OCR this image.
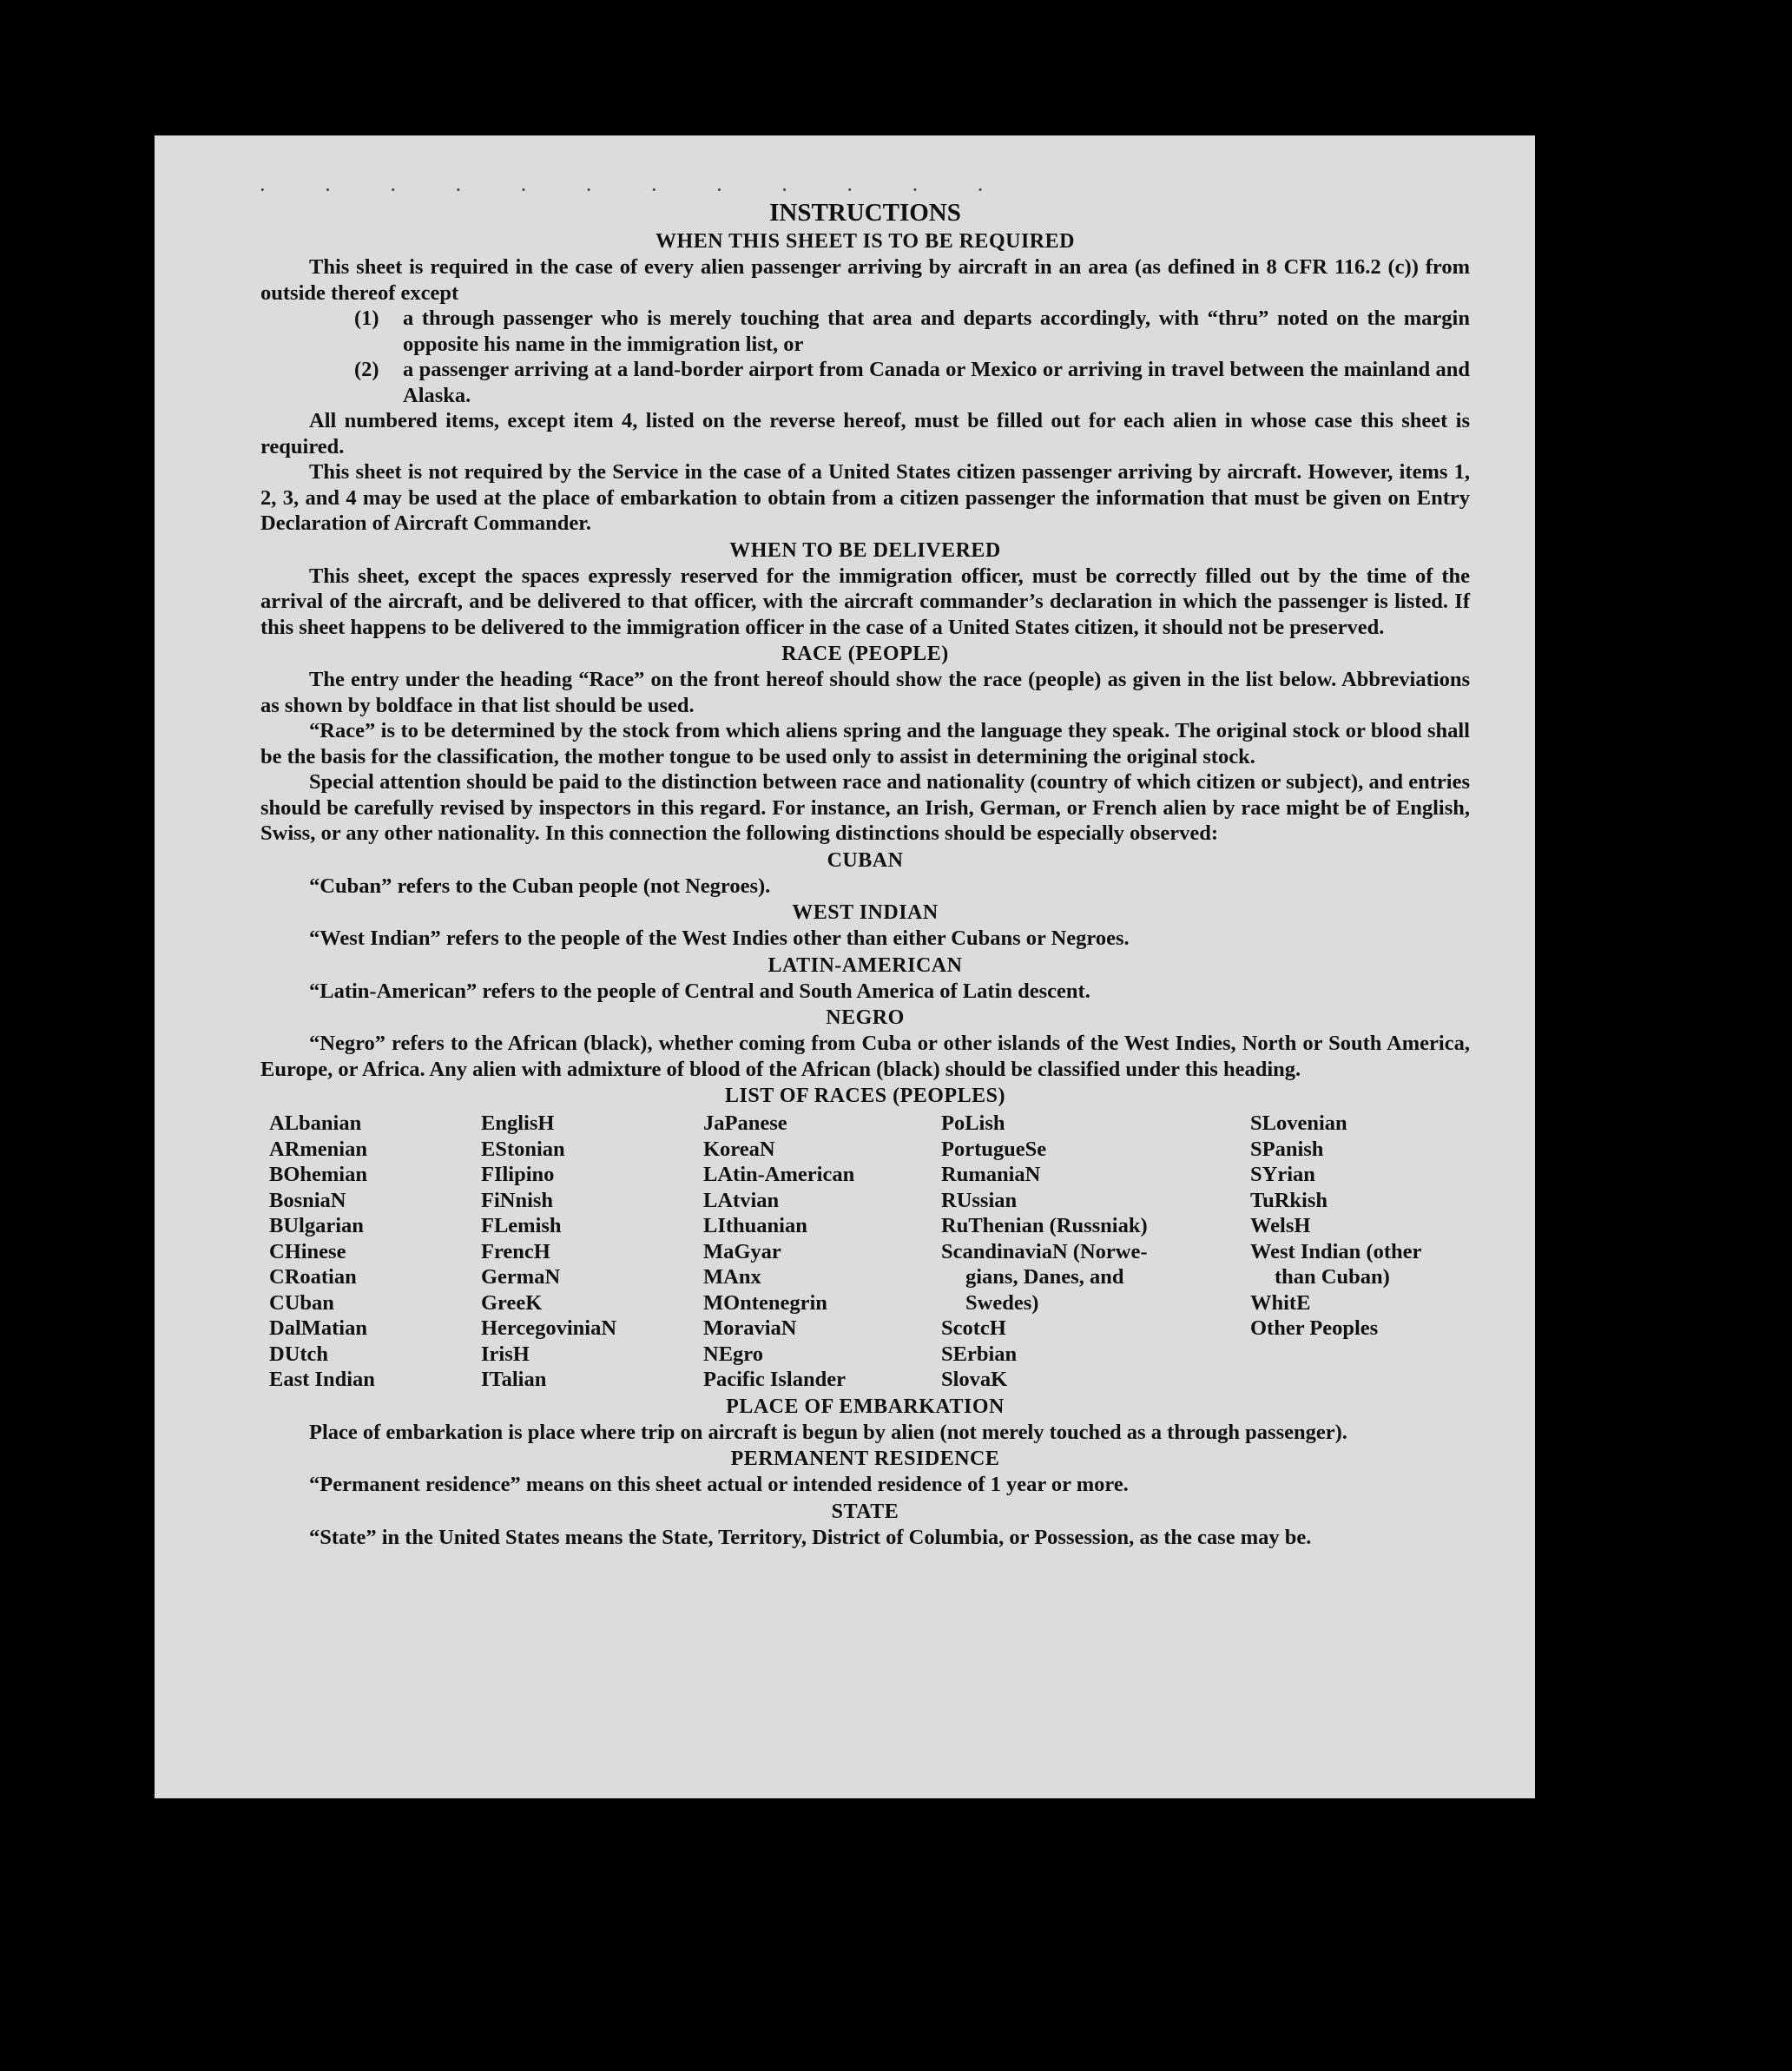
· · · · · · · · · · · ·
INSTRUCTIONS

WHEN THIS SHEET IS TO BE REQUIRED

This sheet is required in the case of every alien passenger arriving by aircraft in an area (as defined in 8 CFR 116.2 (c)) from outside thereof except

(1)	a through passenger who is merely touching that area and departs accordingly, with “thru” noted on the margin opposite his name in the immigration list, or
(2)	a passenger arriving at a land-border airport from Canada or Mexico or arriving in travel between the mainland and Alaska.

All numbered items, except item 4, listed on the reverse hereof, must be filled out for each alien in whose case this sheet is required.

This sheet is not required by the Service in the case of a United States citizen passenger arriving by aircraft. However, items 1, 2, 3, and 4 may be used at the place of embarkation to obtain from a citizen passenger the information that must be given on Entry Declaration of Aircraft Commander.

WHEN TO BE DELIVERED

This sheet, except the spaces expressly reserved for the immigration officer, must be correctly filled out by the time of the arrival of the aircraft, and be delivered to that officer, with the aircraft commander’s declaration in which the passenger is listed. If this sheet happens to be delivered to the immigration officer in the case of a United States citizen, it should not be preserved.

RACE (PEOPLE)

The entry under the heading “Race” on the front hereof should show the race (people) as given in the list below. Abbreviations as shown by boldface in that list should be used.

“Race” is to be determined by the stock from which aliens spring and the language they speak. The original stock or blood shall be the basis for the classification, the mother tongue to be used only to assist in determining the original stock.

Special attention should be paid to the distinction between race and nationality (country of which citizen or subject), and entries should be carefully revised by inspectors in this regard. For instance, an Irish, German, or French alien by race might be of English, Swiss, or any other nationality. In this connection the following distinctions should be especially observed:

CUBAN

“Cuban” refers to the Cuban people (not Negroes).

WEST INDIAN

“West Indian” refers to the people of the West Indies other than either Cubans or Negroes.

LATIN-AMERICAN

“Latin-American” refers to the people of Central and South America of Latin descent.

NEGRO

“Negro” refers to the African (black), whether coming from Cuba or other islands of the West Indies, North or South America, Europe, or Africa. Any alien with admixture of blood of the African (black) should be classified under this heading.

LIST OF RACES (PEOPLES)

ALbanian
ARmenian
BOhemian
BosniaN
BUlgarian
CHinese
CRoatian
CUban
DalMatian
DUtch
East Indian
EnglisH
EStonian
FIlipino
FiNnish
FLemish
FrencH
GermaN
GreeK
HercegoviniaN
IrisH
ITalian
JaPanese
KoreaN
LAtin-American
LAtvian
LIthuanian
MaGyar
MAnx
MOntenegrin
MoraviaN
NEgro
Pacific Islander
PoLish
PortugueSe
RumaniaN
RUssian
RuThenian (Russniak)
ScandinaviaN (Norwe-
gians, Danes, and
Swedes)
ScotcH
SErbian
SlovaK
SLovenian
SPanish
SYrian
TuRkish
WelsH
West Indian (other
than Cuban)
WhitE
Other Peoples

PLACE OF EMBARKATION

Place of embarkation is place where trip on aircraft is begun by alien (not merely touched as a through passenger).

PERMANENT RESIDENCE

“Permanent residence” means on this sheet actual or intended residence of 1 year or more.

STATE

“State” in the United States means the State, Territory, District of Columbia, or Possession, as the case may be.
